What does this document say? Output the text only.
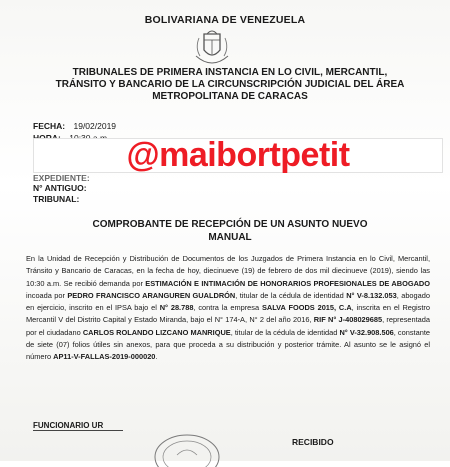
BOLIVARIANA DE VENEZUELA
TRIBUNALES DE PRIMERA INSTANCIA EN LO CIVIL, MERCANTIL,
TRÁNSITO Y BANCARIO DE LA CIRCUNSCRIPCIÓN JUDICIAL DEL ÁREA
METROPOLITANA DE CARACAS
FECHA: 19/02/2019
@maibortpetit
EXPEDIENTE:
N° ANTIGUO:
TRIBUNAL:
COMPROBANTE DE RECEPCIÓN DE UN ASUNTO NUEVO
MANUAL
En la Unidad de Recepción y Distribución de Documentos de los Juzgados de Primera Instancia en lo Civil, Mercantil, Tránsito y Bancario de Caracas, en la fecha de hoy, diecinueve (19) de febrero de dos mil diecinueve (2019), siendo las 10:30 a.m. Se recibió demanda por ESTIMACIÓN E INTIMACIÓN DE HONORARIOS PROFESIONALES DE ABOGADO incoada por PEDRO FRANCISCO ARANGUREN GUALDRÓN, titular de la cédula de identidad N° V-8.132.053, abogado en ejercicio, inscrito en el IPSA bajo el N° 28.788, contra la empresa SALVA FOODS 2015, C.A, inscrita en el Registro Mercantil V del Distrito Capital y Estado Miranda, bajo el N° 174-A, N° 2 del año 2016, RIF N° J-408029685, representada por el ciudadano CARLOS ROLANDO LIZCANO MANRIQUE, titular de la cédula de identidad N° V-32.908.506, constante de siete (07) folios útiles sin anexos, para que proceda a su distribución y posterior trámite. Al asunto se le asignó el número AP11-V-FALLAS-2019-000020.
FUNCIONARIO UR
RECIBIDO
